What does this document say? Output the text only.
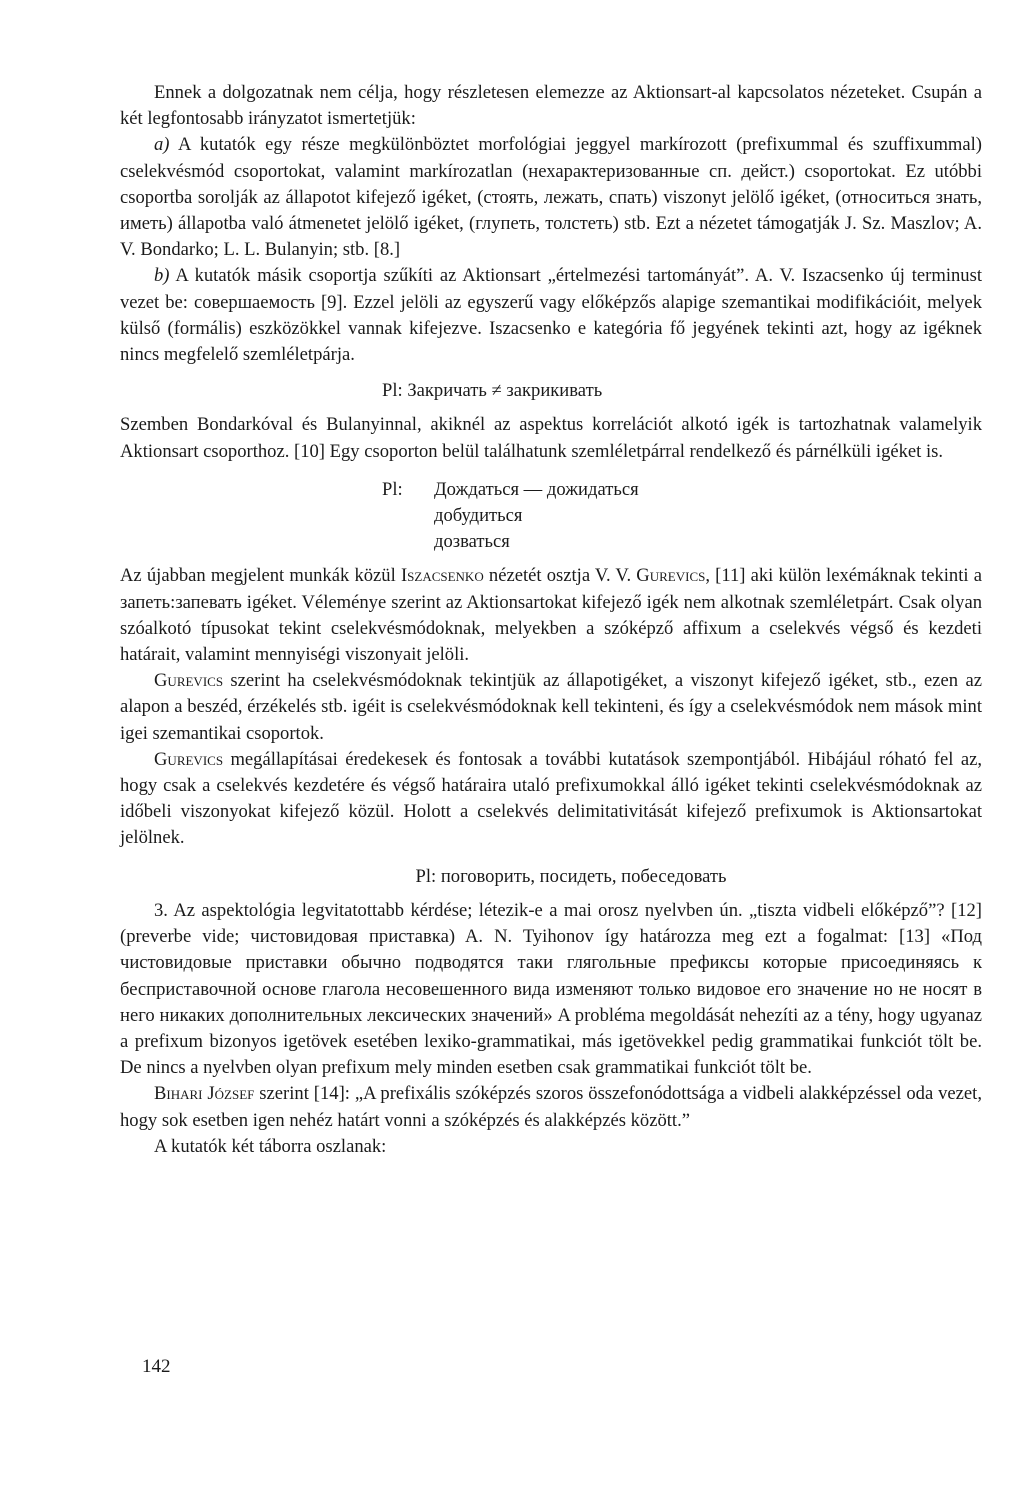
Ennek a dolgozatnak nem célja, hogy részletesen elemezze az Aktionsart-al kapcsolatos nézeteket. Csupán a két legfontosabb irányzatot ismertetjük:

a) A kutatók egy része megkülönböztet morfológiai jeggyel markírozott (prefixummal és szuffixummal) cselekvésmód csoportokat, valamint markírozatlan (нехарактеризованные сп. дейст.) csoportokat. Ez utóbbi csoportba sorolják az állapotot kifejező igéket, (стоять, лежать, спать) viszonyt jelölő igéket, (относиться знать, иметь) állapotba való átmenetet jelölő igéket, (глупеть, толстеть) stb. Ezt a nézetet támogatják J. Sz. Maszlov; A. V. Bondarko; L. L. Bulanyin; stb. [8.]

b) A kutatók másik csoportja szűkíti az Aktionsart „értelmezési tartományát”. A. V. Iszacsenko új terminust vezet be: совершаемость [9]. Ezzel jelöli az egyszerű vagy előképzős alapige szemantikai modifikációit, melyek külső (formális) eszközökkel vannak kifejezve. Iszacsenko e kategória fő jegyének tekinti azt, hogy az igéknek nincs megfelelő szemléletpárja.

Pl: Закричать ≠ закрикивать

Szemben Bondarkóval és Bulanyinnal, akiknél az aspektus korrelációt alkotó igék is tartozhatnak valamelyik Aktionsart csoporthoz. [10] Egy csoporton belül találhatunk szemléletpárral rendelkező és párnélküli igéket is.

Pl:	Дождаться — дожидаться
добудиться
дозваться

Az újabban megjelent munkák közül Iszacsenko nézetét osztja V. V. Gurevics, [11] aki külön lexémáknak tekinti a запеть:запевать igéket. Véleménye szerint az Aktionsartokat kifejező igék nem alkotnak szemléletpárt. Csak olyan szóalkotó típusokat tekint cselekvésmódoknak, melyekben a szóképző affixum a cselekvés végső és kezdeti határait, valamint mennyiségi viszonyait jelöli.

Gurevics szerint ha cselekvésmódoknak tekintjük az állapotigéket, a viszonyt kifejező igéket, stb., ezen az alapon a beszéd, érzékelés stb. igéit is cselekvésmódoknak kell tekinteni, és így a cselekvésmódok nem mások mint igei szemantikai csoportok.

Gurevics megállapításai éredekesek és fontosak a további kutatások szempontjából. Hibájául róható fel az, hogy csak a cselekvés kezdetére és végső határaira utaló prefixumokkal álló igéket tekinti cselekvésmódoknak az időbeli viszonyokat kifejező közül. Holott a cselekvés delimitativitását kifejező prefixumok is Aktionsartokat jelölnek.

Pl: поговорить, посидеть, побеседовать

3. Az aspektológia legvitatottabb kérdése; létezik-e a mai orosz nyelvben ún. „tiszta vidbeli előképző”? [12] (preverbe vide; чистовидовая приставка) A. N. Tyihonov így határozza meg ezt a fogalmat: [13] «Под чистовидовые приставки обычно подводятся таки глягольные префиксы которые присоединяясь к бесприставочной основе глагола несовешенного вида изменяют только видовое его значение но не носят в него никаких дополнительных лексических значений» A probléma megoldását nehezíti az a tény, hogy ugyanaz a prefixum bizonyos igetövek esetében lexiko-grammatikai, más igetövekkel pedig grammatikai funkciót tölt be. De nincs a nyelvben olyan prefixum mely minden esetben csak grammatikai funkciót tölt be.

Bihari József szerint [14]: „A prefixális szóképzés szoros összefonódottsága a vidbeli alakképzéssel oda vezet, hogy sok esetben igen nehéz határt vonni a szóképzés és alakképzés között.”

A kutatók két táborra oszlanak:

142
